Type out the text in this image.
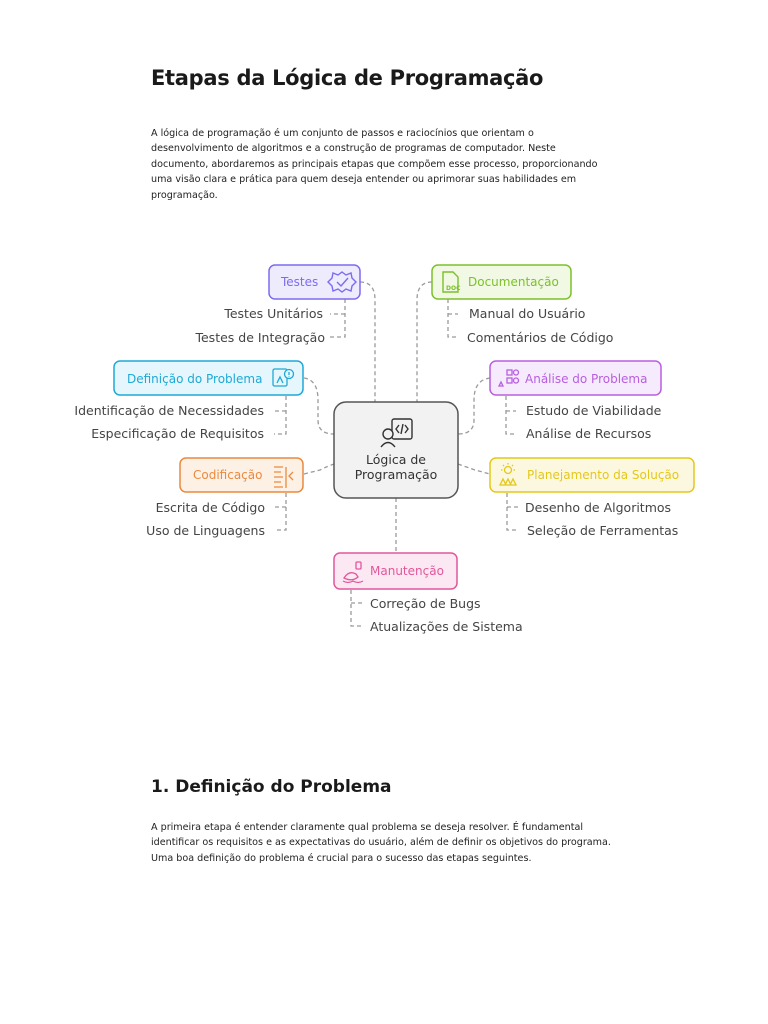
Etapas da Lógica de Programação

A lógica de programação é um conjunto de passos e raciocínios que orientam o desenvolvimento de algoritmos e a construção de programas de computador. Neste documento, abordaremos as principais etapas que compõem esse processo, proporcionando uma visão clara e prática para quem deseja entender ou aprimorar suas habilidades em programação.

Lógica de
Programação
Testes
Testes Unitários
Testes de Integração
DOC Documentação
Manual do Usuário
Comentários de Código
Definição do Problema
Identificação de Necessidades
Especificação de Requisitos
Análise do Problema
Estudo de Viabilidade
Análise de Recursos
Codificação
Escrita de Código
Uso de Linguagens
Planejamento da Solução
Desenho de Algoritmos
Seleção de Ferramentas
Manutenção
Correção de Bugs
Atualizações de Sistema
1. Definição do Problema

A primeira etapa é entender claramente qual problema se deseja resolver. É fundamental identificar os requisitos e as expectativas do usuário, além de definir os objetivos do programa. Uma boa definição do problema é crucial para o sucesso das etapas seguintes.
